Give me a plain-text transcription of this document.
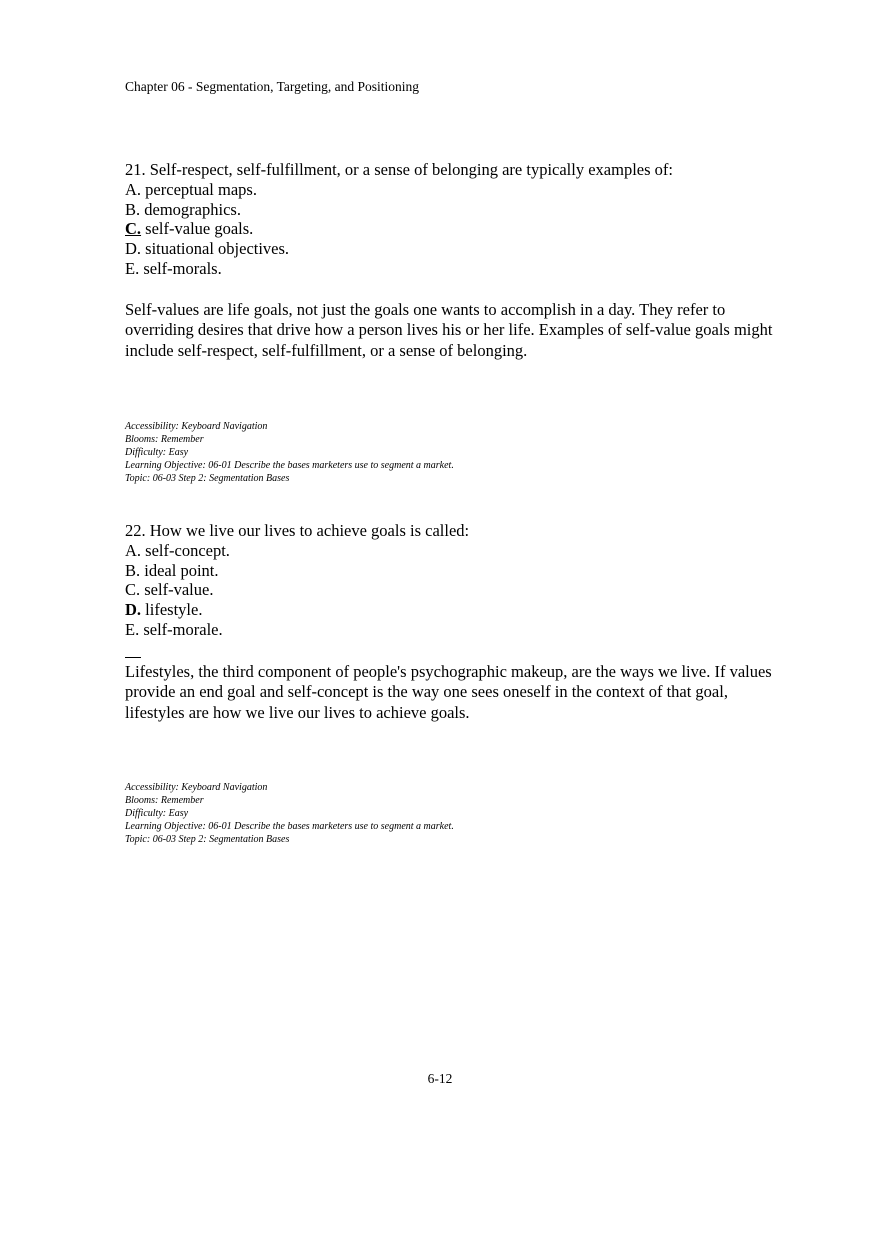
Chapter 06 - Segmentation, Targeting, and Positioning
21. Self-respect, self-fulfillment, or a sense of belonging are typically examples of:
A. perceptual maps.
B. demographics.
C. self-value goals.
D. situational objectives.
E. self-morals.
Self-values are life goals, not just the goals one wants to accomplish in a day. They refer to overriding desires that drive how a person lives his or her life. Examples of self-value goals might include self-respect, self-fulfillment, or a sense of belonging.
Accessibility: Keyboard Navigation
Blooms: Remember
Difficulty: Easy
Learning Objective: 06-01 Describe the bases marketers use to segment a market.
Topic: 06-03 Step 2: Segmentation Bases
22. How we live our lives to achieve goals is called:
A. self-concept.
B. ideal point.
C. self-value.
D. lifestyle.
E. self-morale.
Lifestyles, the third component of people's psychographic makeup, are the ways we live. If values provide an end goal and self-concept is the way one sees oneself in the context of that goal, lifestyles are how we live our lives to achieve goals.
Accessibility: Keyboard Navigation
Blooms: Remember
Difficulty: Easy
Learning Objective: 06-01 Describe the bases marketers use to segment a market.
Topic: 06-03 Step 2: Segmentation Bases
6-12
